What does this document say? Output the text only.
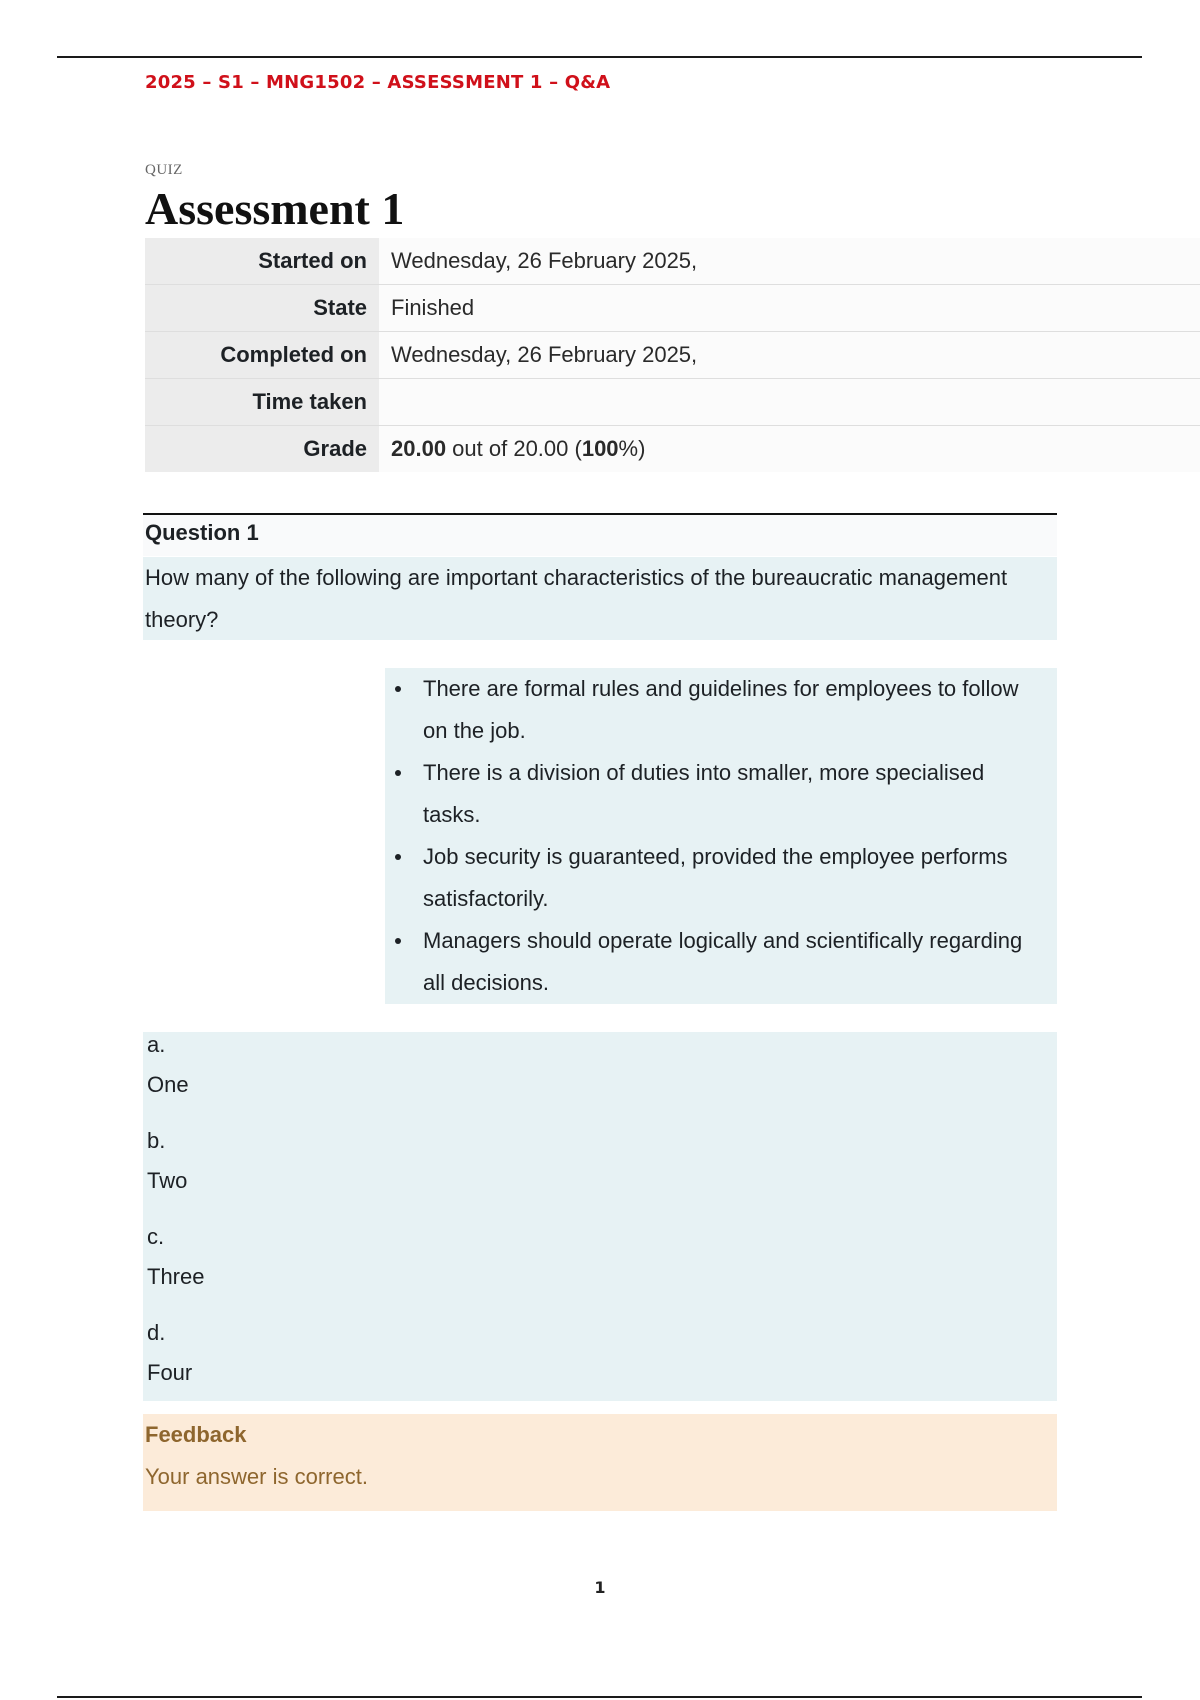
2025 – S1 – MNG1502 – ASSESSMENT 1 – Q&A
QUIZ
Assessment 1
Started on	Wednesday, 26 February 2025,
State	Finished
Completed on	Wednesday, 26 February 2025,
Time taken	
Grade	20.00 out of 20.00 (100%)
Question 1
How many of the following are important characteristics of the bureaucratic management theory?
There are formal rules and guidelines for employees to follow on the job.
There is a division of duties into smaller, more specialised tasks.
Job security is guaranteed, provided the employee performs satisfactorily.
Managers should operate logically and scientifically regarding all decisions.
a.
One
b.
Two
c.
Three
d.
Four
Feedback
Your answer is correct.
1
